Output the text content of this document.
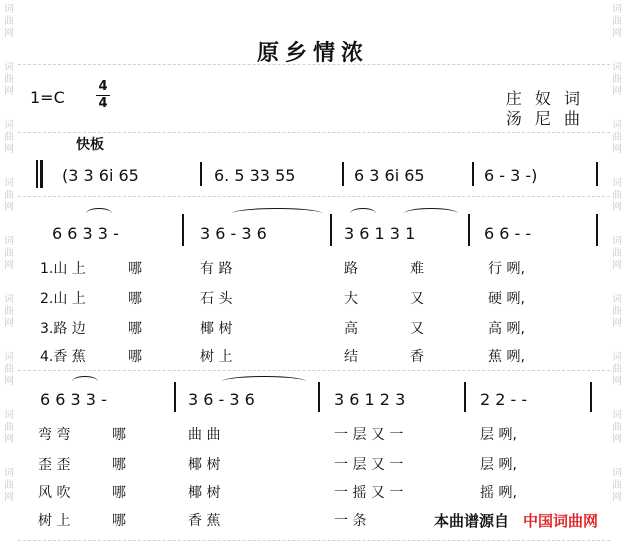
词曲网
词曲网
词曲网
词曲网
词曲网
词曲网
词曲网
词曲网
词曲网
词曲网
词曲网
词曲网
词曲网
词曲网
词曲网
词曲网
词曲网
词曲网
原乡情浓
1=C
4
4	庄 奴 词
汤 尼 曲
快板
(3 3 6i 65	6. 5 33 55	6 3 6i 65	6 - 3 -)
6 6 3 3 -	3 6 - 3 6	3 6 1 3 1	6 6 - -
1.山 上	哪	有 路	路	难	行 咧,
2.山 上	哪	石 头	大	又	硬 咧,
3.路 边	哪	椰 树	高	又	高 咧,
4.香 蕉	哪	树 上	结	香	蕉 咧,
6 6 3 3 -	3 6 - 3 6	3 6 1 2 3	2 2 - -
弯 弯	哪	曲 曲	一 层 又 一	层 咧,
歪 歪	哪	椰 树	一 层 又 一	层 咧,
风 吹	哪	椰 树	一 摇 又 一	摇 咧,
树 上	哪	香 蕉	一 条	本曲谱源自 中国词曲网
